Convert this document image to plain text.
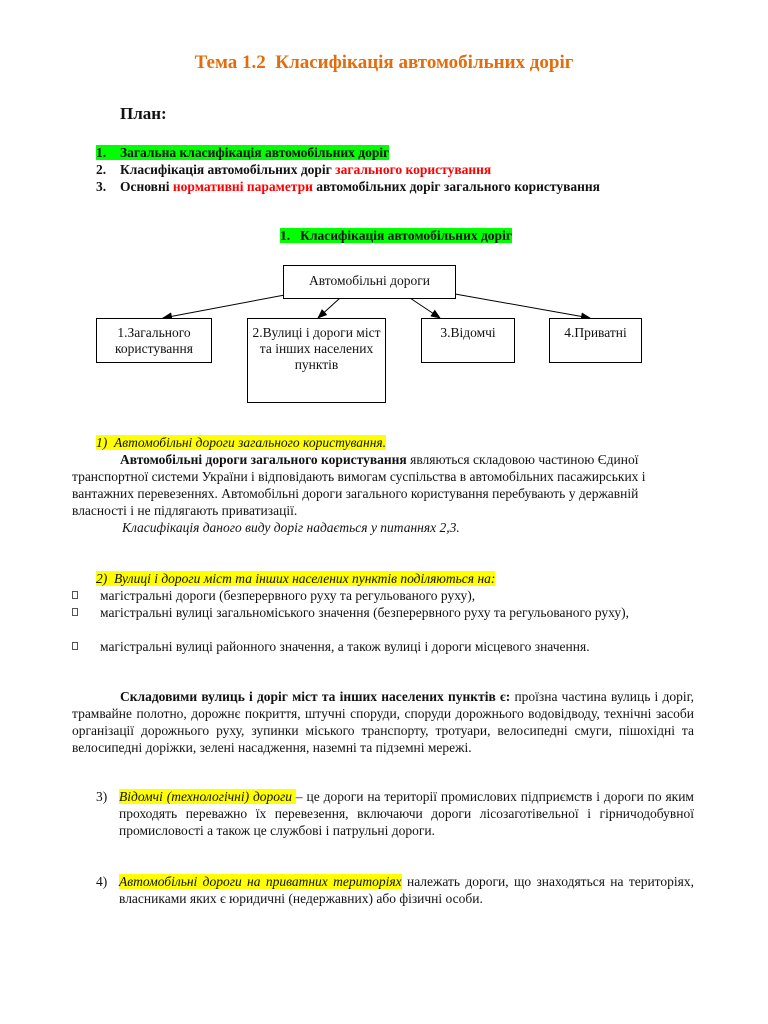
Тема 1.2  Класифікація автомобільних доріг
План:
1. Загальна класифікація автомобільних доріг
2. Класифікація автомобільних доріг загального користування
3. Основні нормативні параметри автомобільних доріг загального користування
1. Класифікація автомобільних доріг
Автомобільні дороги
1.Загального користування
2.Вулиці і дороги міст та інших населених пунктів
3.Відомчі	4.Приватні
1) Автомобільні дороги загального користування.
Автомобільні дороги загального користування являються складовою частиною Єдиної транспортної системи України і відповідають вимогам суспільства в автомобільних пасажирських і вантажних перевезеннях. Автомобільні дороги загального користування перебувають у державній власності і не підлягають приватизації.
Класифікація даного виду доріг надається у питаннях 2,3.
2) Вулиці і дороги міст та інших населених пунктів поділяються на:
магістральні дороги (безперервного руху та регульованого руху),
магістральні вулиці загальноміського значення (безперервного руху та регульованого руху),
магістральні вулиці районного значення, а також вулиці і дороги місцевого значення.
Складовими вулиць і доріг міст та інших населених пунктів є: проїзна частина вулиць і доріг, трамвайне полотно, дорожнє покриття, штучні споруди, споруди дорожнього водовідводу, технічні засоби організації дорожнього руху, зупинки міського транспорту, тротуари, велосипедні смуги, пішохідні та велосипедні доріжки, зелені насадження, наземні та підземні мережі.
3) Відомчі (технологічні) дороги – це дороги на території промислових підприємств і дороги по яким проходять переважно їх перевезення, включаючи дороги лісозаготівельної і гірничодобувної промисловості а також це службові і патрульні дороги.
4) Автомобільні дороги на приватних територіях належать дороги, що знаходяться на територіях, власниками яких є юридичні (недержавних) або фізичні особи.
